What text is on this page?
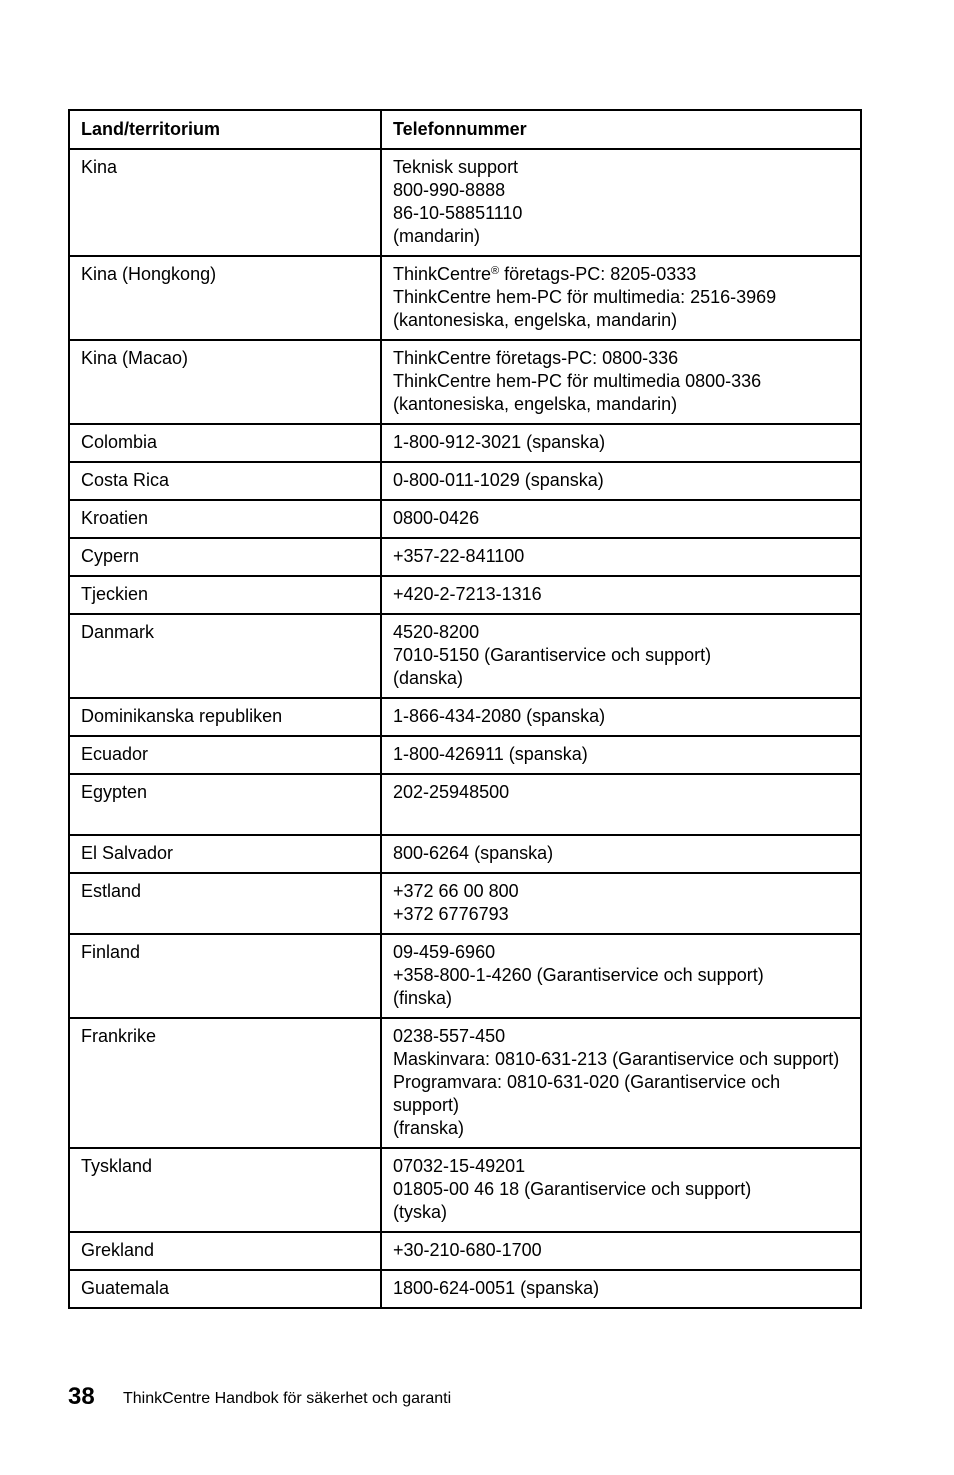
Land/territorium	Telefonnummer
Kina	Teknisk support
800-990-8888
86-10-58851110
(mandarin)

Kina (Hongkong)	ThinkCentre® företags-PC: 8205-0333
ThinkCentre hem-PC för multimedia: 2516-3969
(kantonesiska, engelska, mandarin)

Kina (Macao)	ThinkCentre företags-PC: 0800-336
ThinkCentre hem-PC för multimedia 0800-336
(kantonesiska, engelska, mandarin)

Colombia	1-800-912-3021 (spanska)

Costa Rica	0-800-011-1029 (spanska)

Kroatien	0800-0426

Cypern	+357-22-841100

Tjeckien	+420-2-7213-1316

Danmark	4520-8200
7010-5150 (Garantiservice och support)
(danska)

Dominikanska republiken	1-866-434-2080 (spanska)

Ecuador	1-800-426911 (spanska)

Egypten	202-25948500

El Salvador	800-6264 (spanska)

Estland	+372 66 00 800
+372 6776793

Finland	09-459-6960
+358-800-1-4260 (Garantiservice och support)
(finska)

Frankrike	0238-557-450
Maskinvara: 0810-631-213 (Garantiservice och support)
Programvara: 0810-631-020 (Garantiservice och support)
(franska)

Tyskland	07032-15-49201
01805-00 46 18 (Garantiservice och support)
(tyska)

Grekland	+30-210-680-1700

Guatemala	1800-624-0051 (spanska)
38 ThinkCentre Handbok för säkerhet och garanti
